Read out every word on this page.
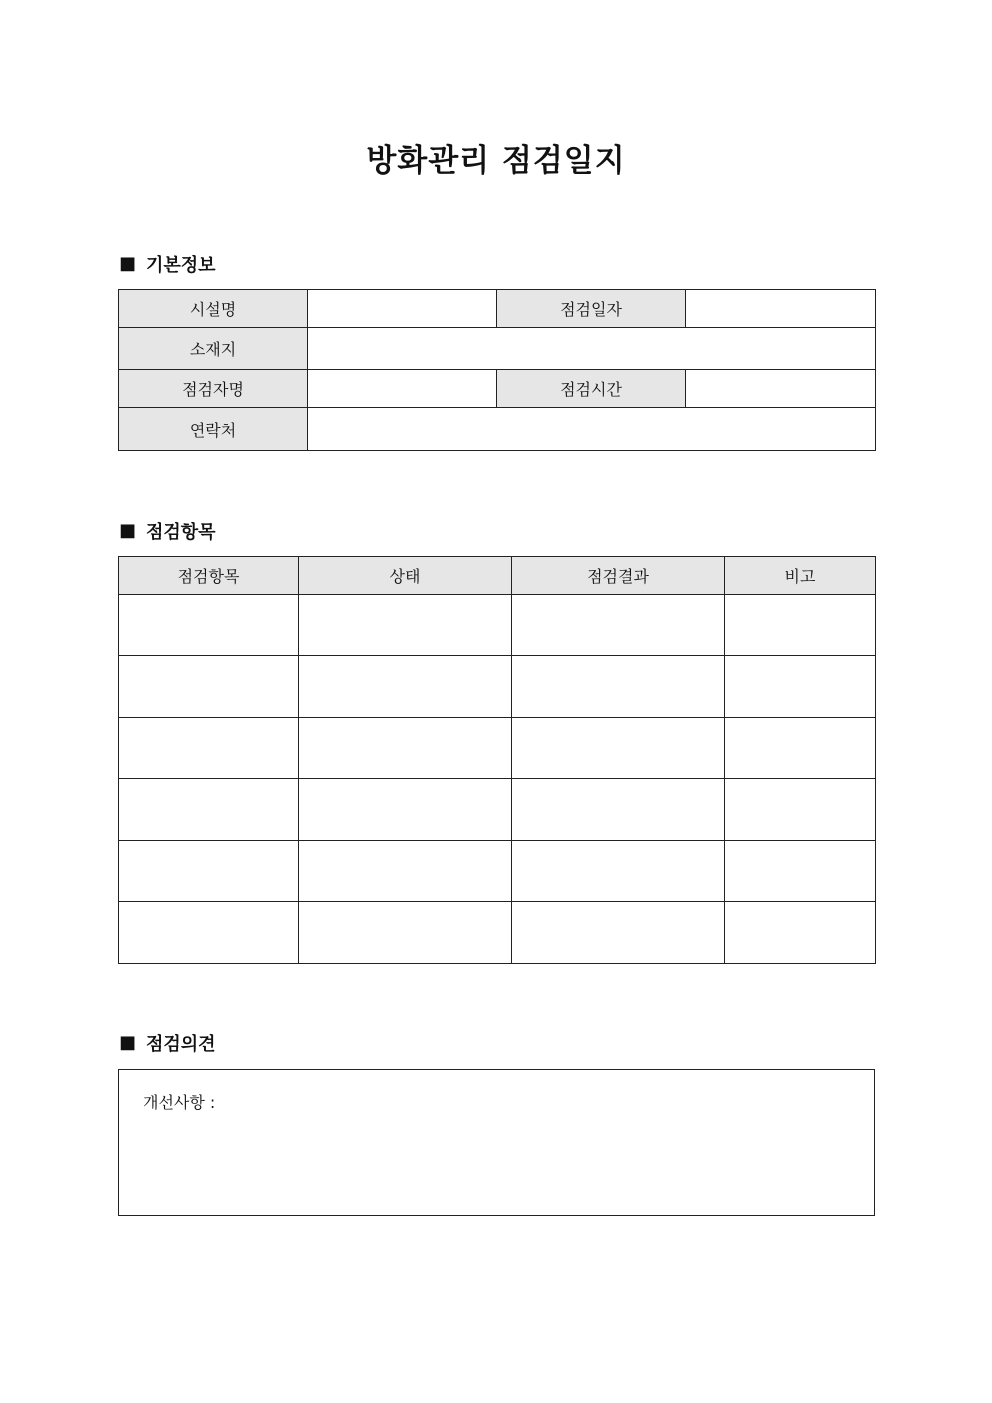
방화관리 점검일지
■ 기본정보
시설명		점검일자	
소재지			
점검자명		점검시간	
연락처			
■ 점검항목
점검항목	상태	점검결과	비고

■ 점검의견
개선사항 :
